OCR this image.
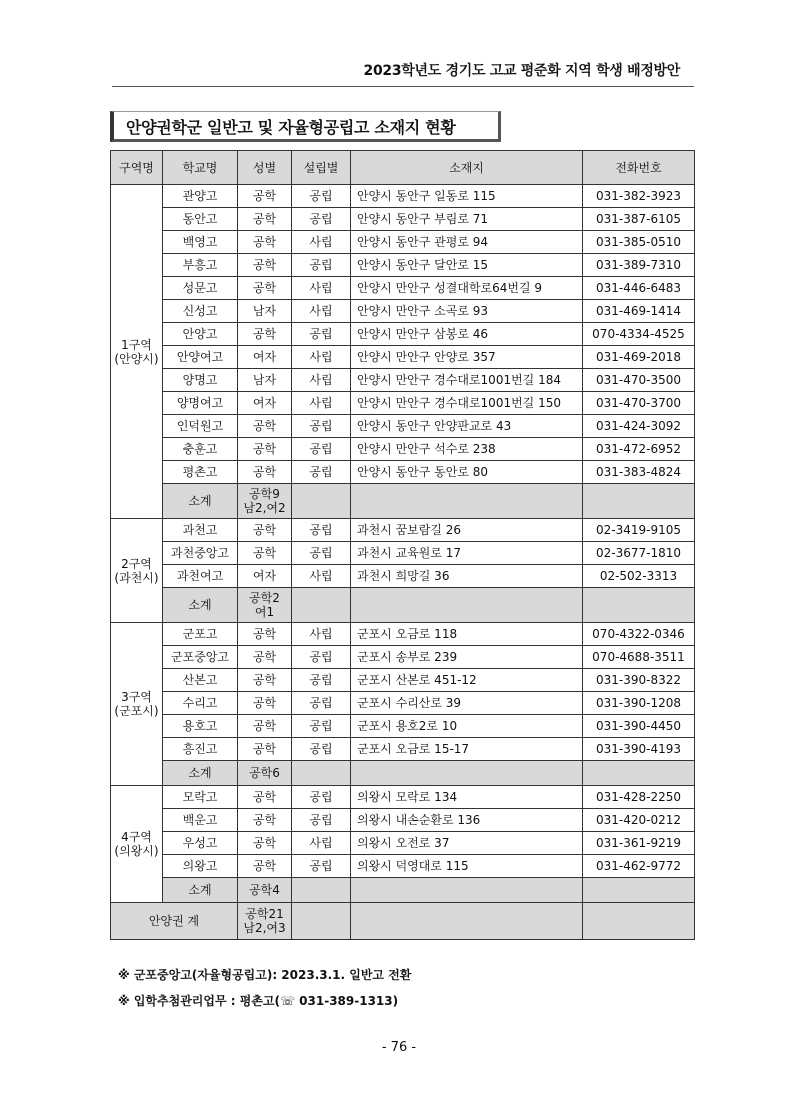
2023학년도 경기도 고교 평준화 지역 학생 배정방안
안양권학군 일반고 및 자율형공립고 소재지 현황
구역명	학교명	성별	설립별	소재지	전화번호

1구역
(안양시)	관양고	공학	공립	안양시 동안구 일동로 115	031-382-3923
	동안고	공학	공립	안양시 동안구 부림로 71	031-387-6105
	백영고	공학	사립	안양시 동안구 관평로 94	031-385-0510
	부흥고	공학	공립	안양시 동안구 달안로 15	031-389-7310
	성문고	공학	사립	안양시 만안구 성결대학로64번길 9	031-446-6483
	신성고	남자	사립	안양시 만안구 소곡로 93	031-469-1414
	안양고	공학	공립	안양시 만안구 삼봉로 46	070-4334-4525
	안양여고	여자	사립	안양시 만안구 안양로 357	031-469-2018
	양명고	남자	사립	안양시 만안구 경수대로1001번길 184	031-470-3500
	양명여고	여자	사립	안양시 만안구 경수대로1001번길 150	031-470-3700
	인덕원고	공학	공립	안양시 동안구 안양판교로 43	031-424-3092
	충훈고	공학	공립	안양시 만안구 석수로 238	031-472-6952
	평촌고	공학	공립	안양시 동안구 동안로 80	031-383-4824
	소계	공학9
남2,여2			

2구역
(과천시)	과천고	공학	공립	과천시 꿈보람길 26	02-3419-9105
	과천중앙고	공학	공립	과천시 교육원로 17	02-3677-1810
	과천여고	여자	사립	과천시 희망길 36	02-502-3313
	소계	공학2
여1			

3구역
(군포시)	군포고	공학	사립	군포시 오금로 118	070-4322-0346
	군포중앙고	공학	공립	군포시 송부로 239	070-4688-3511
	산본고	공학	공립	군포시 산본로 451-12	031-390-8322
	수리고	공학	공립	군포시 수리산로 39	031-390-1208
	용호고	공학	공립	군포시 용호2로 10	031-390-4450
	흥진고	공학	공립	군포시 오금로 15-17	031-390-4193
	소계	공학6			

4구역
(의왕시)	모락고	공학	공립	의왕시 모락로 134	031-428-2250
	백운고	공학	공립	의왕시 내손순환로 136	031-420-0212
	우성고	공학	사립	의왕시 오전로 37	031-361-9219
	의왕고	공학	공립	의왕시 덕영대로 115	031-462-9772
	소계	공학4			

안양권 계		공학21
남2,여3			

※ 군포중앙고(자율형공립고): 2023.3.1. 일반고 전환
※ 입학추첨관리업무 : 평촌고(☏ 031-389-1313)
- 76 -
